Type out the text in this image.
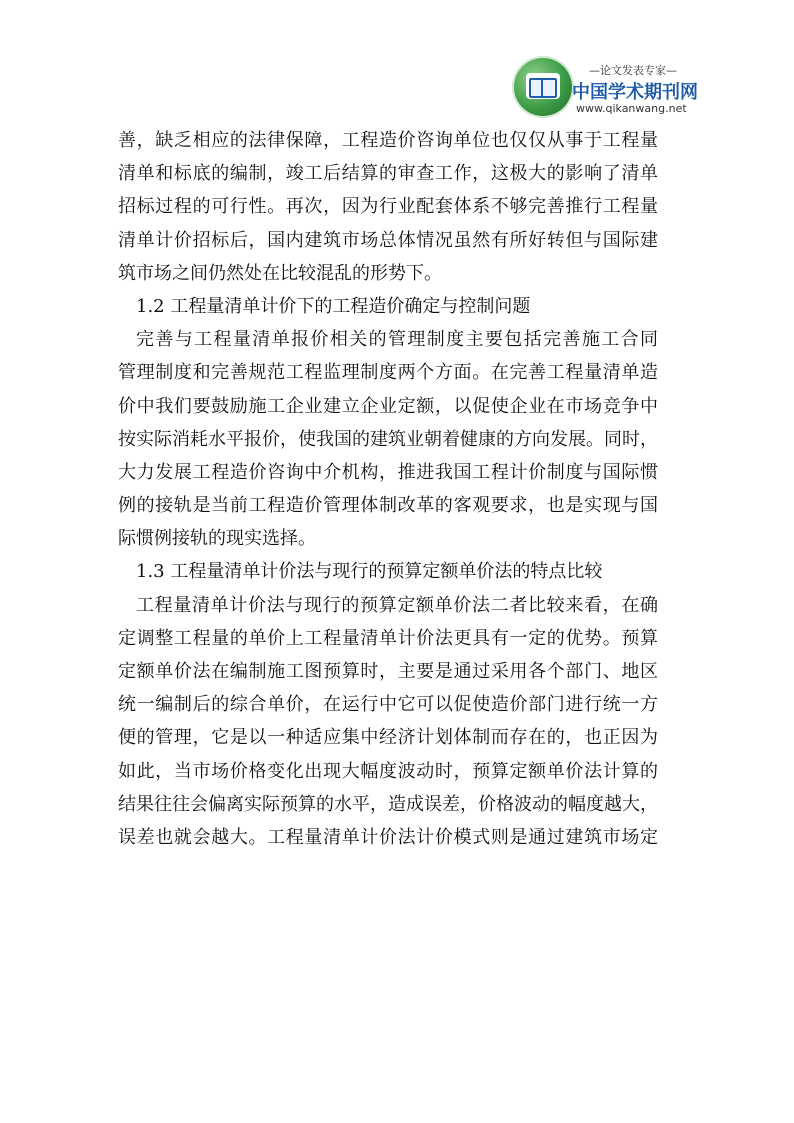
—论文发表专家—
中国学术期刊网
www.qikanwang.net
善，缺乏相应的法律保障，工程造价咨询单位也仅仅从事于工程量
清单和标底的编制，竣工后结算的审查工作，这极大的影响了清单
招标过程的可行性。再次，因为行业配套体系不够完善推行工程量
清单计价招标后，国内建筑市场总体情况虽然有所好转但与国际建
筑市场之间仍然处在比较混乱的形势下。
1.2 工程量清单计价下的工程造价确定与控制问题
完善与工程量清单报价相关的管理制度主要包括完善施工合同
管理制度和完善规范工程监理制度两个方面。在完善工程量清单造
价中我们要鼓励施工企业建立企业定额，以促使企业在市场竞争中
按实际消耗水平报价，使我国的建筑业朝着健康的方向发展。同时，
大力发展工程造价咨询中介机构，推进我国工程计价制度与国际惯
例的接轨是当前工程造价管理体制改革的客观要求，也是实现与国
际惯例接轨的现实选择。
1.3 工程量清单计价法与现行的预算定额单价法的特点比较
工程量清单计价法与现行的预算定额单价法二者比较来看，在确
定调整工程量的单价上工程量清单计价法更具有一定的优势。预算
定额单价法在编制施工图预算时，主要是通过采用各个部门、地区
统一编制后的综合单价，在运行中它可以促使造价部门进行统一方
便的管理，它是以一种适应集中经济计划体制而存在的，也正因为
如此，当市场价格变化出现大幅度波动时，预算定额单价法计算的
结果往往会偏离实际预算的水平，造成误差，价格波动的幅度越大，
误差也就会越大。工程量清单计价法计价模式则是通过建筑市场定
